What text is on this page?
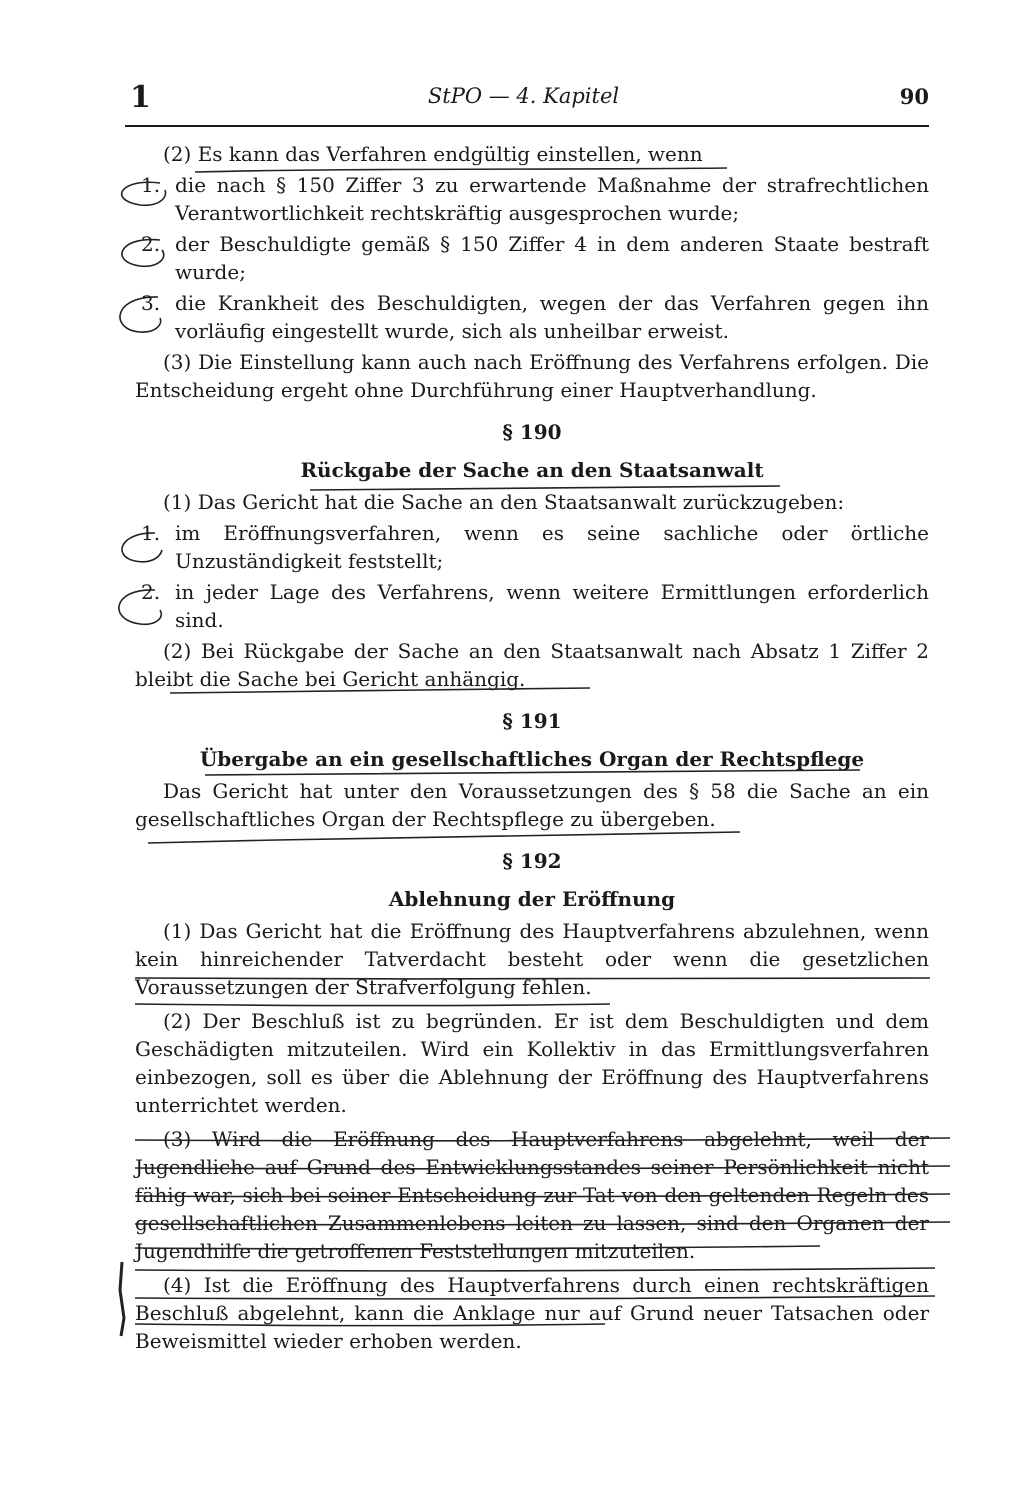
1	StPO — 4. Kapitel	90

(2) Es kann das Verfahren endgültig einstellen, wenn

1. die nach § 150 Ziffer 3 zu erwartende Maßnahme der strafrechtlichen Verantwortlichkeit rechtskräftig ausgesprochen wurde;
2. der Beschuldigte gemäß § 150 Ziffer 4 in dem anderen Staate bestraft wurde;
3. die Krankheit des Beschuldigten, wegen der das Verfahren gegen ihn vorläufig eingestellt wurde, sich als unheilbar erweist.

(3) Die Einstellung kann auch nach Eröffnung des Verfahrens erfolgen. Die Entscheidung ergeht ohne Durchführung einer Hauptverhandlung.

§ 190

Rückgabe der Sache an den Staatsanwalt

(1) Das Gericht hat die Sache an den Staatsanwalt zurückzugeben:

1. im Eröffnungsverfahren, wenn es seine sachliche oder örtliche Unzuständigkeit feststellt;
2. in jeder Lage des Verfahrens, wenn weitere Ermittlungen erforderlich sind.

(2) Bei Rückgabe der Sache an den Staatsanwalt nach Absatz 1 Ziffer 2 bleibt die Sache bei Gericht anhängig.

§ 191

Übergabe an ein gesellschaftliches Organ der Rechtspflege

Das Gericht hat unter den Voraussetzungen des § 58 die Sache an ein gesellschaftliches Organ der Rechtspflege zu übergeben.

§ 192

Ablehnung der Eröffnung

(1) Das Gericht hat die Eröffnung des Hauptverfahrens abzulehnen, wenn kein hinreichender Tatverdacht besteht oder wenn die gesetzlichen Voraussetzungen der Strafverfolgung fehlen.

(2) Der Beschluß ist zu begründen. Er ist dem Beschuldigten und dem Geschädigten mitzuteilen. Wird ein Kollektiv in das Ermittlungsverfahren einbezogen, soll es über die Ablehnung der Eröffnung des Hauptverfahrens unterrichtet werden.

(3) Wird die Eröffnung des Hauptverfahrens abgelehnt, weil der Jugendliche auf Grund des Entwicklungsstandes seiner Persönlichkeit nicht fähig war, sich bei seiner Entscheidung zur Tat von den geltenden Regeln des gesellschaftlichen Zusammenlebens leiten zu lassen, sind den Organen der Jugendhilfe die getroffenen Feststellungen mitzuteilen.

(4) Ist die Eröffnung des Hauptverfahrens durch einen rechtskräftigen Beschluß abgelehnt, kann die Anklage nur auf Grund neuer Tatsachen oder Beweismittel wieder erhoben werden.
